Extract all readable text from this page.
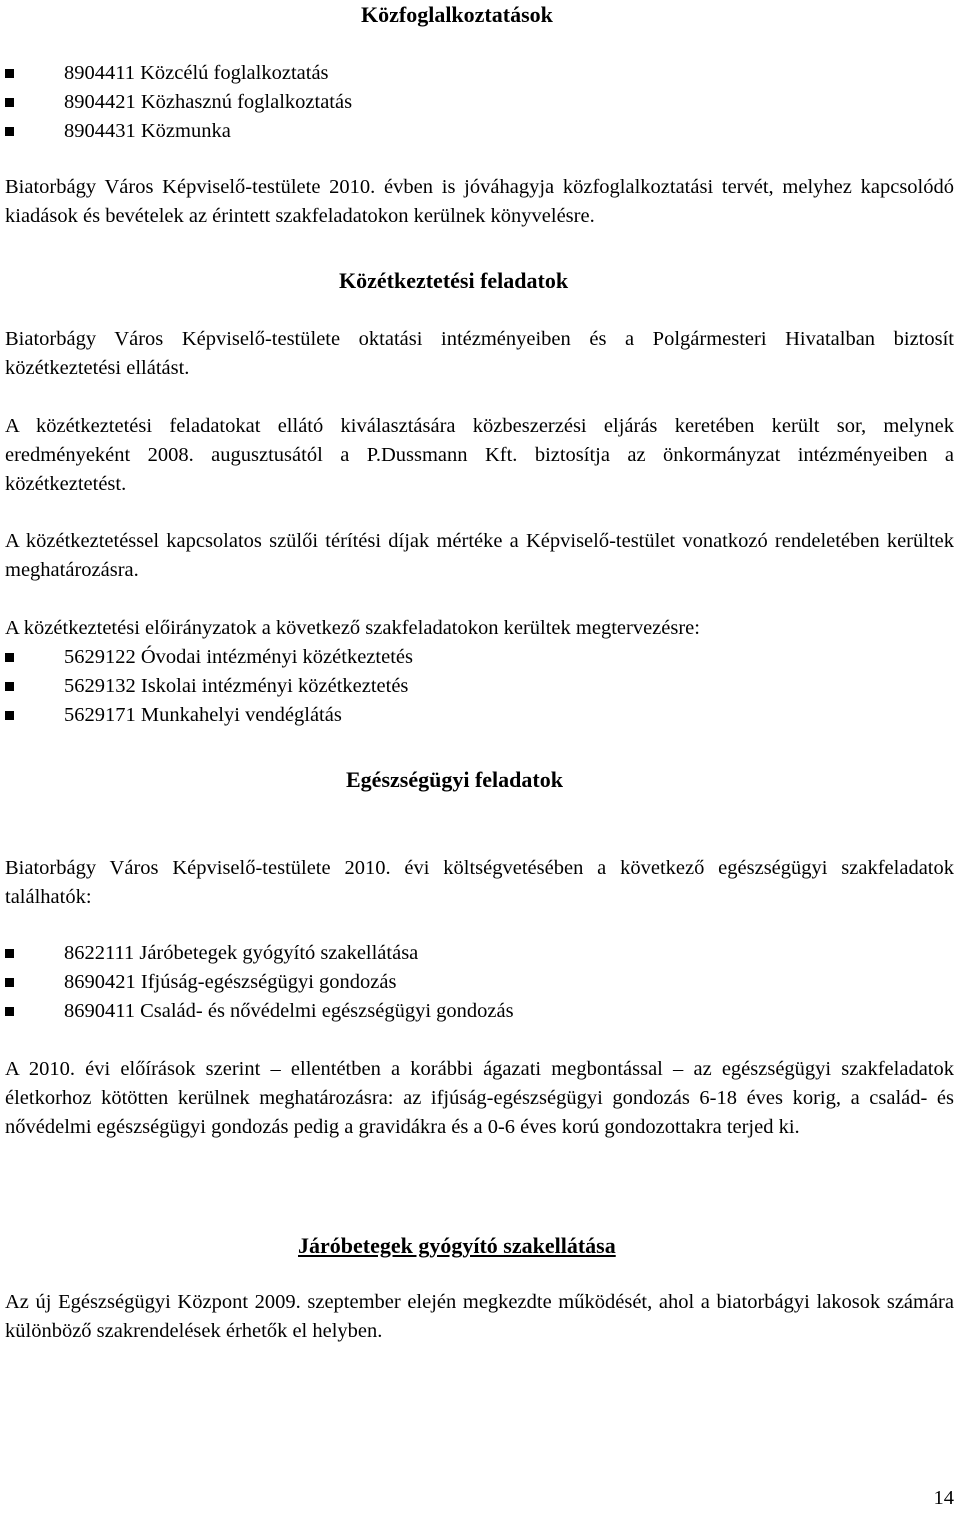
Közfoglalkoztatások
8904411 Közcélú foglalkoztatás
8904421 Közhasznú foglalkoztatás
8904431 Közmunka

Biatorbágy Város Képviselő-testülete 2010. évben is jóváhagyja közfoglalkoztatási tervét, melyhez kapcsolódó kiadások és bevételek az érintett szakfeladatokon kerülnek könyvelésre.

Közétkeztetési feladatok

Biatorbágy Város Képviselő-testülete oktatási intézményeiben és a Polgármesteri Hivatalban biztosít közétkeztetési ellátást.

A közétkeztetési feladatokat ellátó kiválasztására közbeszerzési eljárás keretében került sor, melynek eredményeként 2008. augusztusától a P.Dussmann Kft. biztosítja az önkormányzat intézményeiben a közétkeztetést.

A közétkeztetéssel kapcsolatos szülői térítési díjak mértéke a Képviselő-testület vonatkozó rendeletében kerültek meghatározásra.

A közétkeztetési előirányzatok a következő szakfeladatokon kerültek megtervezésre:

5629122 Óvodai intézményi közétkeztetés
5629132 Iskolai intézményi közétkeztetés
5629171 Munkahelyi vendéglátás
Egészségügyi feladatok

Biatorbágy Város Képviselő-testülete 2010. évi költségvetésében a következő egészségügyi szakfeladatok találhatók:

8622111 Járóbetegek gyógyító szakellátása
8690421 Ifjúság-egészségügyi gondozás
8690411 Család- és nővédelmi egészségügyi gondozás

A 2010. évi előírások szerint – ellentétben a korábbi ágazati megbontással – az egészségügyi szakfeladatok életkorhoz kötötten kerülnek meghatározásra: az ifjúság-egészségügyi gondozás 6-18 éves korig, a család- és nővédelmi egészségügyi gondozás pedig a gravidákra és a 0-6 éves korú gondozottakra terjed ki.

Járóbetegek gyógyító szakellátása

Az új Egészségügyi Központ 2009. szeptember elején megkezdte működését, ahol a biatorbágyi lakosok számára különböző szakrendelések érhetők el helyben.

14
